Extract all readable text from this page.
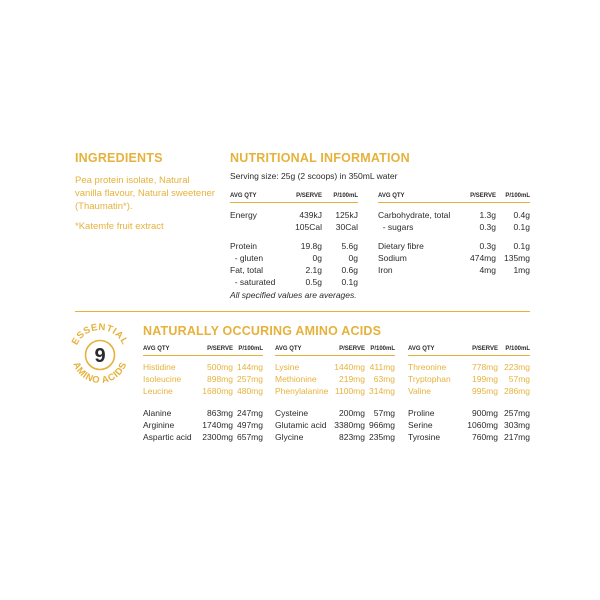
INGREDIENTS

Pea protein isolate, Natural vanilla flavour, Natural sweetener (Thaumatin*).

*Katemfe fruit extract

NUTRITIONAL INFORMATION
Serving size: 25g (2 scoops) in 350mL water
AVG QTY	P/SERVE	P/100mL
Energy	439kJ	125kJ
	105Cal	30Cal
Protein	19.8g	5.6g
- gluten	0g	0g
Fat, total	2.1g	0.6g
- saturated	0.5g	0.1g
AVG QTY	P/SERVE	P/100mL
Carbohydrate, total	1.3g	0.4g
- sugars	0.3g	0.1g
Dietary fibre	0.3g	0.1g
Sodium	474mg	135mg
Iron	4mg	1mg
All specified values are averages.
ESSENTIAL
AMINO ACIDS
9
NATURALLY OCCURING AMINO ACIDS
AVG QTY	P/SERVE	P/100mL
Histidine	500mg	144mg
Isoleucine	898mg	257mg
Leucine	1680mg	480mg
Alanine	863mg	247mg
Arginine	1740mg	497mg
Aspartic acid	2300mg	657mg
AVG QTY	P/SERVE	P/100mL
Lysine	1440mg	411mg
Methionine	219mg	63mg
Phenylalanine	1100mg	314mg
Cysteine	200mg	57mg
Glutamic acid	3380mg	966mg
Glycine	823mg	235mg
AVG QTY	P/SERVE	P/100mL
Threonine	778mg	223mg
Tryptophan	199mg	57mg
Valine	995mg	286mg
Proline	900mg	257mg
Serine	1060mg	303mg
Tyrosine	760mg	217mg
